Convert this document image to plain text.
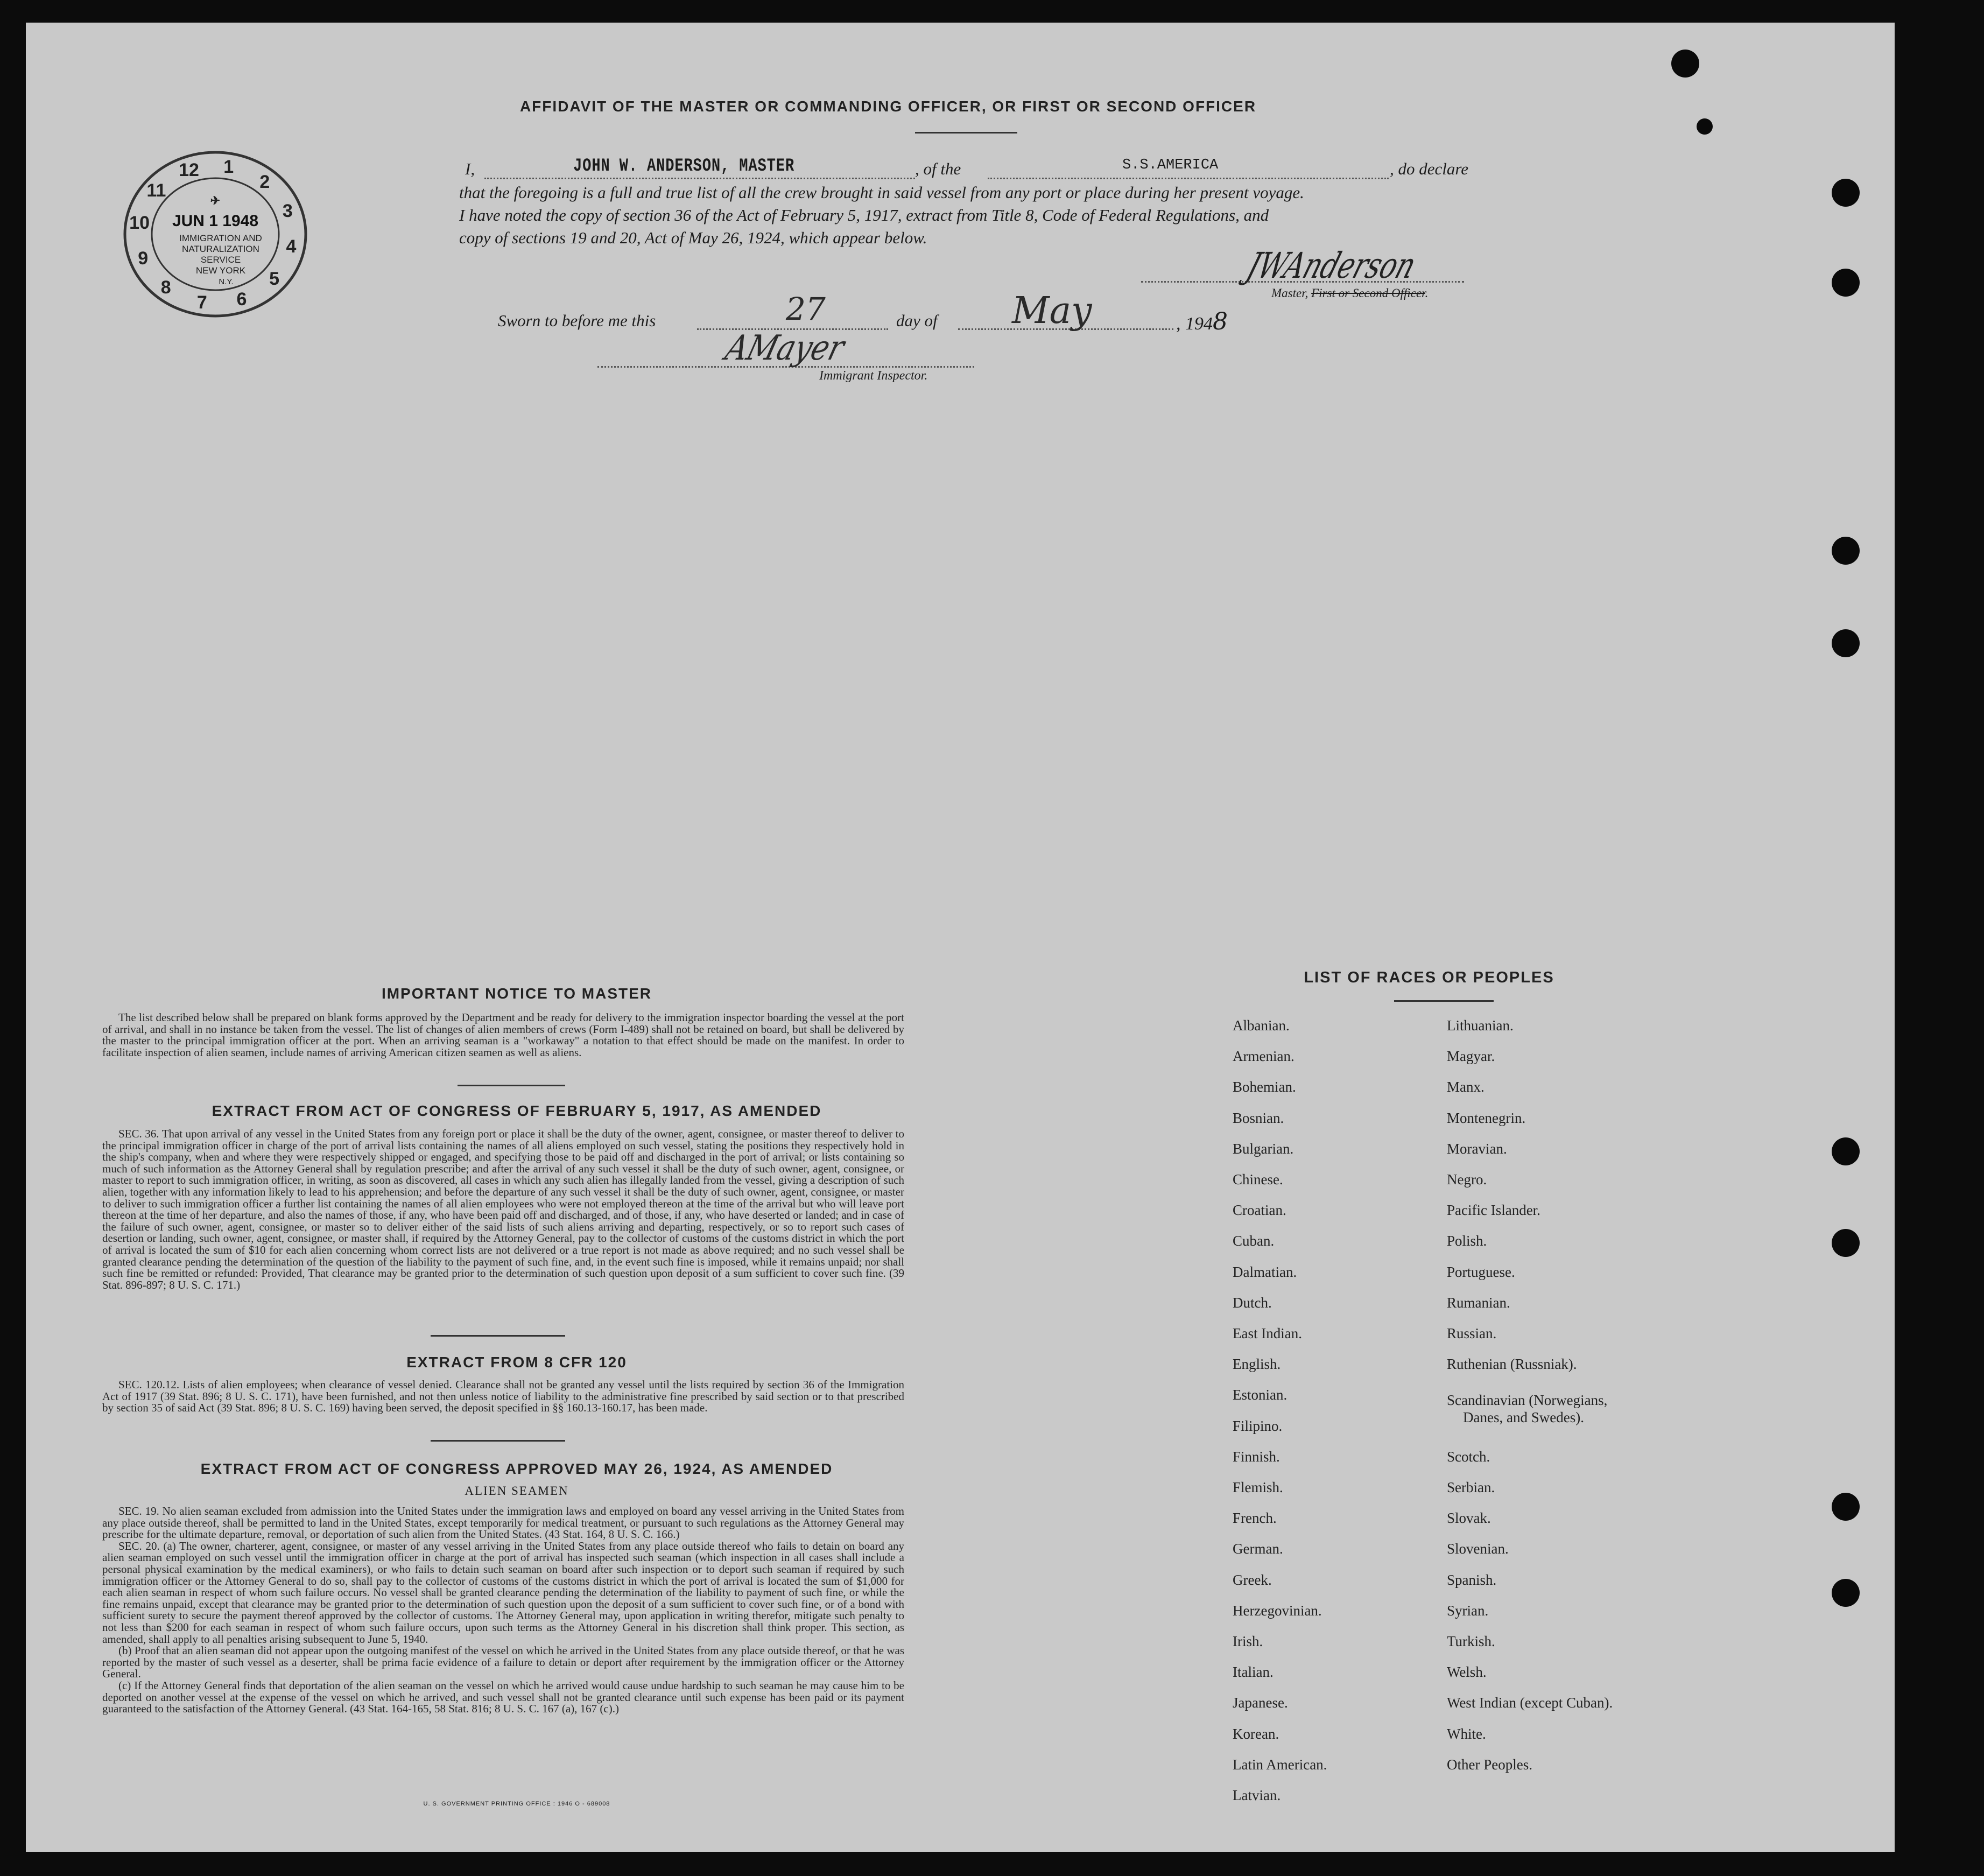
AFFIDAVIT OF THE MASTER OR COMMANDING OFFICER, OR FIRST OR SECOND OFFICER
12 1
2
3
4
5
6
7
8
9
10
11	✈
JUN 1 1948
IMMIGRATION AND
NATURALIZATION
SERVICE
NEW YORK
N.Y.
I,	JOHN W. ANDERSON, MASTER	, of the	S.S.AMERICA	, do declare
that the foregoing is a full and true list of all the crew brought in said vessel from any port or place during her present voyage.
I have noted the copy of section 36 of the Act of February 5, 1917, extract from Title 8, Code of Federal Regulations, and
copy of sections 19 and 20, Act of May 26, 1924, which appear below.
JWAnderson
Master, First or Second Officer.
Sworn to before me this	27	day of May	, 1948
AMayer
Immigrant Inspector.
IMPORTANT NOTICE TO MASTER

The list described below shall be prepared on blank forms approved by the Department and be ready for delivery to the immigration inspector boarding the vessel at the port of arrival, and shall in no instance be taken from the vessel. The list of changes of alien members of crews (Form I-489) shall not be retained on board, but shall be delivered by the master to the principal immigration officer at the port. When an arriving seaman is a "workaway" a notation to that effect should be made on the manifest. In order to facilitate inspection of alien seamen, include names of arriving American citizen seamen as well as aliens.

EXTRACT FROM ACT OF CONGRESS OF FEBRUARY 5, 1917, AS AMENDED

SEC. 36. That upon arrival of any vessel in the United States from any foreign port or place it shall be the duty of the owner, agent, consignee, or master thereof to deliver to the principal immigration officer in charge of the port of arrival lists containing the names of all aliens employed on such vessel, stating the positions they respectively hold in the ship's company, when and where they were respectively shipped or engaged, and specifying those to be paid off and discharged in the port of arrival; or lists containing so much of such information as the Attorney General shall by regulation prescribe; and after the arrival of any such vessel it shall be the duty of such owner, agent, consignee, or master to report to such immigration officer, in writing, as soon as discovered, all cases in which any such alien has illegally landed from the vessel, giving a description of such alien, together with any information likely to lead to his apprehension; and before the departure of any such vessel it shall be the duty of such owner, agent, consignee, or master to deliver to such immigration officer a further list containing the names of all alien employees who were not employed thereon at the time of the arrival but who will leave port thereon at the time of her departure, and also the names of those, if any, who have been paid off and discharged, and of those, if any, who have deserted or landed; and in case of the failure of such owner, agent, consignee, or master so to deliver either of the said lists of such aliens arriving and departing, respectively, or so to report such cases of desertion or landing, such owner, agent, consignee, or master shall, if required by the Attorney General, pay to the collector of customs of the customs district in which the port of arrival is located the sum of $10 for each alien concerning whom correct lists are not delivered or a true report is not made as above required; and no such vessel shall be granted clearance pending the determination of the question of the liability to the payment of such fine, and, in the event such fine is imposed, while it remains unpaid; nor shall such fine be remitted or refunded: Provided, That clearance may be granted prior to the determination of such question upon deposit of a sum sufficient to cover such fine. (39 Stat. 896-897; 8 U. S. C. 171.)

EXTRACT FROM 8 CFR 120

SEC. 120.12. Lists of alien employees; when clearance of vessel denied. Clearance shall not be granted any vessel until the lists required by section 36 of the Immigration Act of 1917 (39 Stat. 896; 8 U. S. C. 171), have been furnished, and not then unless notice of liability to the administrative fine prescribed by said section or to that prescribed by section 35 of said Act (39 Stat. 896; 8 U. S. C. 169) having been served, the deposit specified in §§ 160.13-160.17, has been made.

EXTRACT FROM ACT OF CONGRESS APPROVED MAY 26, 1924, AS AMENDED
ALIEN SEAMEN

SEC. 19. No alien seaman excluded from admission into the United States under the immigration laws and employed on board any vessel arriving in the United States from any place outside thereof, shall be permitted to land in the United States, except temporarily for medical treatment, or pursuant to such regulations as the Attorney General may prescribe for the ultimate departure, removal, or deportation of such alien from the United States. (43 Stat. 164, 8 U. S. C. 166.)

SEC. 20. (a) The owner, charterer, agent, consignee, or master of any vessel arriving in the United States from any place outside thereof who fails to detain on board any alien seaman employed on such vessel until the immigration officer in charge at the port of arrival has inspected such seaman (which inspection in all cases shall include a personal physical examination by the medical examiners), or who fails to detain such seaman on board after such inspection or to deport such seaman if required by such immigration officer or the Attorney General to do so, shall pay to the collector of customs of the customs district in which the port of arrival is located the sum of $1,000 for each alien seaman in respect of whom such failure occurs. No vessel shall be granted clearance pending the determination of the liability to payment of such fine, or while the fine remains unpaid, except that clearance may be granted prior to the determination of such question upon the deposit of a sum sufficient to cover such fine, or of a bond with sufficient surety to secure the payment thereof approved by the collector of customs. The Attorney General may, upon application in writing therefor, mitigate such penalty to not less than $200 for each seaman in respect of whom such failure occurs, upon such terms as the Attorney General in his discretion shall think proper. This section, as amended, shall apply to all penalties arising subsequent to June 5, 1940.

(b) Proof that an alien seaman did not appear upon the outgoing manifest of the vessel on which he arrived in the United States from any place outside thereof, or that he was reported by the master of such vessel as a deserter, shall be prima facie evidence of a failure to detain or deport after requirement by the immigration officer or the Attorney General.

(c) If the Attorney General finds that deportation of the alien seaman on the vessel on which he arrived would cause undue hardship to such seaman he may cause him to be deported on another vessel at the expense of the vessel on which he arrived, and such vessel shall not be granted clearance until such expense has been paid or its payment guaranteed to the satisfaction of the Attorney General. (43 Stat. 164-165, 58 Stat. 816; 8 U. S. C. 167 (a), 167 (c).)

U. S. GOVERNMENT PRINTING OFFICE : 1946 O - 689008
LIST OF RACES OR PEOPLES
Albanian.
Armenian.
Bohemian.
Bosnian.
Bulgarian.
Chinese.
Croatian.
Cuban.
Dalmatian.
Dutch.
East Indian.
English.
Estonian.
Filipino.
Finnish.
Flemish.
French.
German.
Greek.
Herzegovinian.
Irish.
Italian.
Japanese.
Korean.
Latin American.
Latvian.
Lithuanian.
Magyar.
Manx.
Montenegrin.
Moravian.
Negro.
Pacific Islander.
Polish.
Portuguese.
Rumanian.
Russian.
Ruthenian (Russniak).
Scandinavian (Norwegians,
Danes, and Swedes).
Scotch.
Serbian.
Slovak.
Slovenian.
Spanish.
Syrian.
Turkish.
Welsh.
West Indian (except Cuban).
White.
Other Peoples.
